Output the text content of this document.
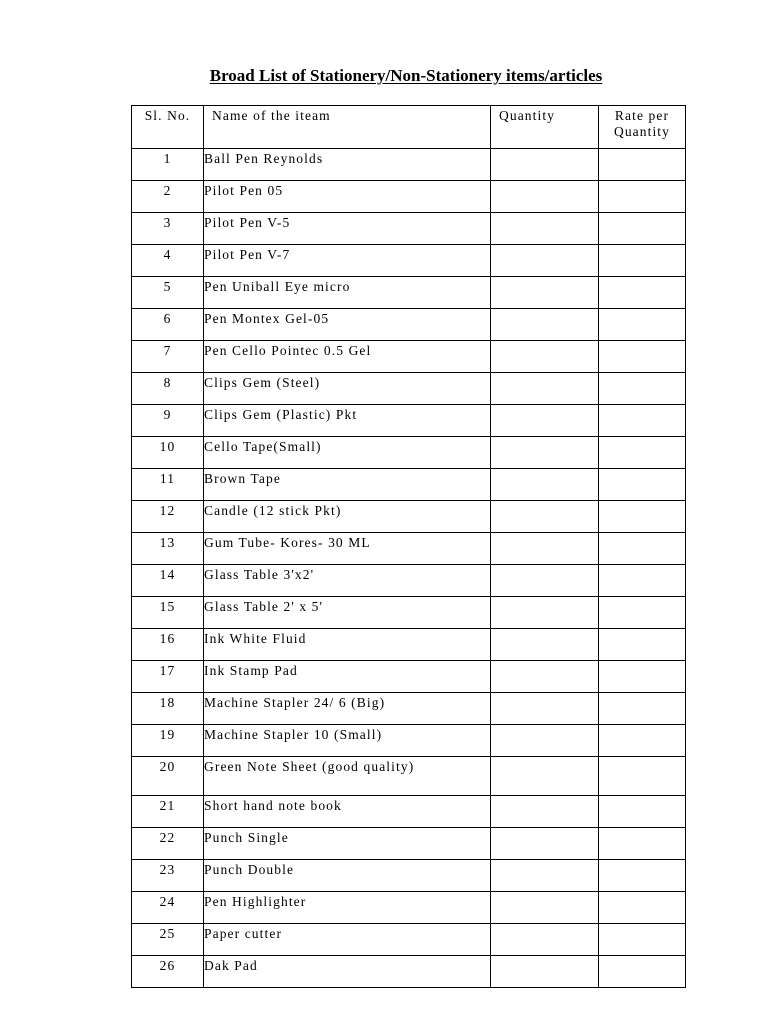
Broad List of Stationery/Non-Stationery items/articles
Sl. No.	Name of the iteam	Quantity	Rate per
Quantity
1	Ball Pen Reynolds		
2	Pilot Pen 05		
3	Pilot Pen V-5		
4	Pilot Pen V-7		
5	Pen Uniball Eye micro		
6	Pen Montex Gel-05		
7	Pen Cello Pointec 0.5 Gel		
8	Clips Gem (Steel)		
9	Clips Gem (Plastic) Pkt		
10	Cello Tape(Small)		
11	Brown Tape		
12	Candle (12 stick Pkt)		
13	Gum Tube- Kores- 30 ML		
14	Glass Table 3'x2'		
15	Glass Table 2' x 5'		
16	Ink White Fluid		
17	Ink Stamp Pad		
18	Machine Stapler 24/ 6 (Big)		
19	Machine Stapler 10 (Small)		
20	Green Note Sheet (good quality)		
21	Short hand note book		
22	Punch Single		
23	Punch Double		
24	Pen Highlighter		
25	Paper cutter		
26	Dak Pad		
